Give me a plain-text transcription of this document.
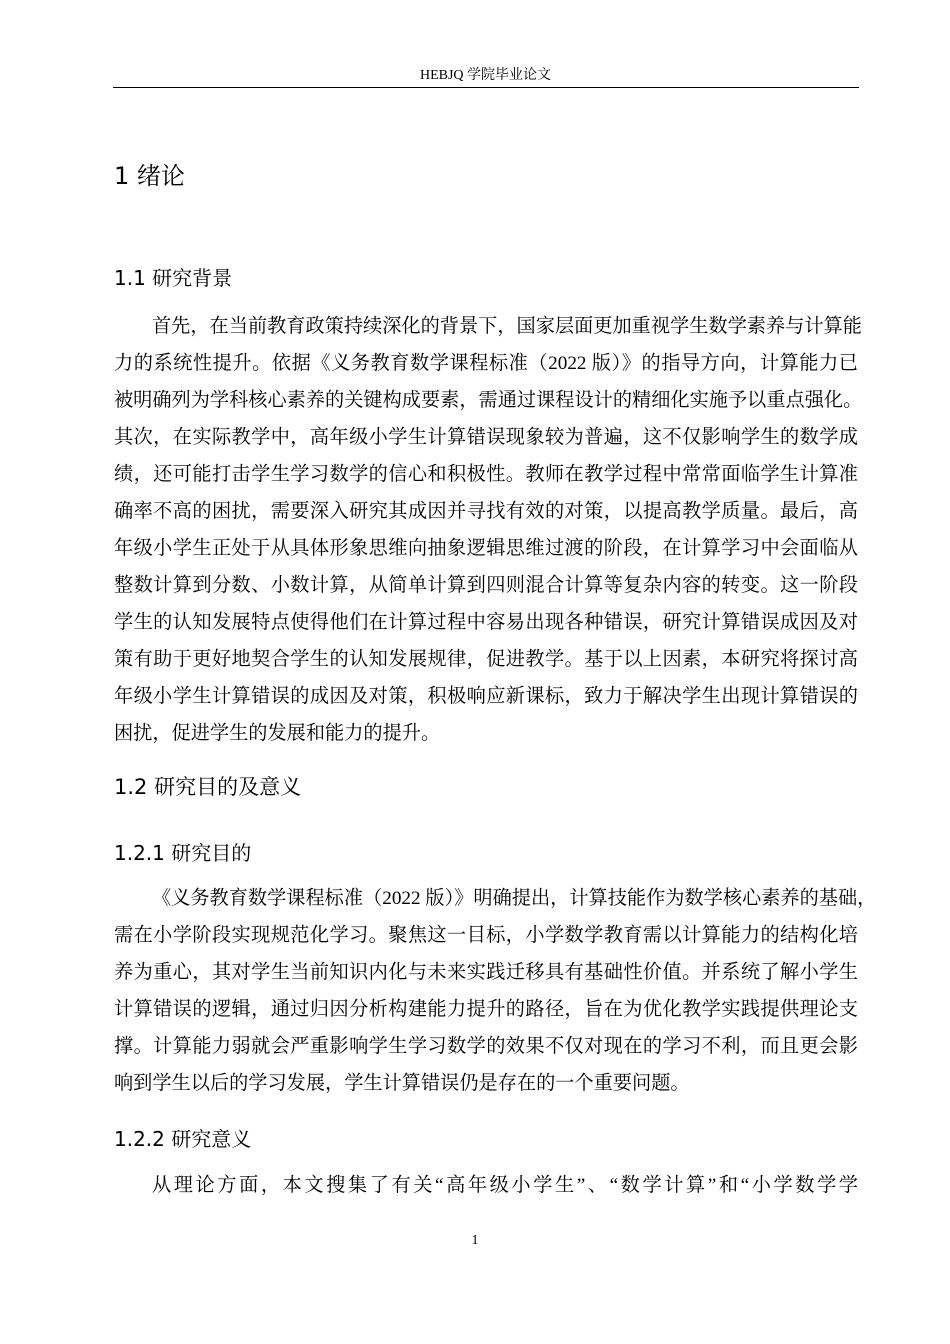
HEBJQ 学院毕业论文
1 绪论
1.1 研究背景
首先，在当前教育政策持续深化的背景下，国家层面更加重视学生数学素养与计算能
力的系统性提升。依据《义务教育数学课程标准（2022 版）》的指导方向，计算能力已
被明确列为学科核心素养的关键构成要素，需通过课程设计的精细化实施予以重点强化。
其次，在实际教学中，高年级小学生计算错误现象较为普遍，这不仅影响学生的数学成
绩，还可能打击学生学习数学的信心和积极性。教师在教学过程中常常面临学生计算准
确率不高的困扰，需要深入研究其成因并寻找有效的对策，以提高教学质量。最后，高
年级小学生正处于从具体形象思维向抽象逻辑思维过渡的阶段，在计算学习中会面临从
整数计算到分数、小数计算，从简单计算到四则混合计算等复杂内容的转变。这一阶段
学生的认知发展特点使得他们在计算过程中容易出现各种错误，研究计算错误成因及对
策有助于更好地契合学生的认知发展规律，促进教学。基于以上因素，本研究将探讨高
年级小学生计算错误的成因及对策，积极响应新课标，致力于解决学生出现计算错误的
困扰，促进学生的发展和能力的提升。
1.2 研究目的及意义
1.2.1 研究目的
《义务教育数学课程标准（2022 版）》明确提出，计算技能作为数学核心素养的基础，
需在小学阶段实现规范化学习。聚焦这一目标，小学数学教育需以计算能力的结构化培
养为重心，其对学生当前知识内化与未来实践迁移具有基础性价值。并系统了解小学生
计算错误的逻辑，通过归因分析构建能力提升的路径，旨在为优化教学实践提供理论支
撑。计算能力弱就会严重影响学生学习数学的效果不仅对现在的学习不利，而且更会影
响到学生以后的学习发展，学生计算错误仍是存在的一个重要问题。
1.2.2 研究意义
从理论方面，本文搜集了有关“高年级小学生”、“数学计算”和“小学数学学
1
